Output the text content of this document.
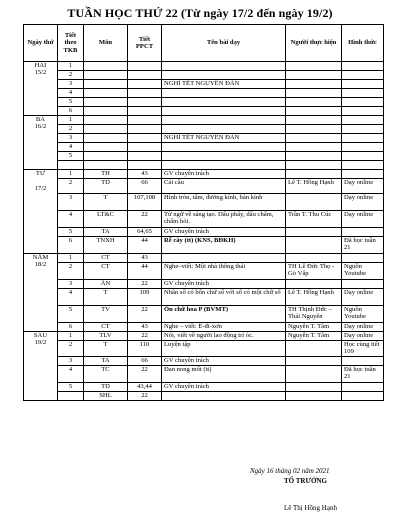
TUẦN HỌC THỨ 22 (Từ ngày 17/2 đến ngày 19/2)
Ngày thứ	Tiết theo TKB	Môn	Tiết PPCT	Tên bài dạy	Người thực hiện	Hình thức
HAI
15/2	1					
	2					
	3			NGHỈ TẾT NGUYÊN ĐÁN		
	4					
	5					
	6					
BA
16/2	1					
	2					
	3			NGHỈ TẾT NGUYÊN ĐÁN		
	4					
	5					

TƯ

17/2	1	TH	43	GV chuyên trách		
	2	TD	66	Cái cầu	Lê T. Hồng Hạnh	Dạy online
	3	T	107,108	Hình tròn, tâm, đường kính, bán kính		Dạy online
	4	LT&C	22	Từ ngữ về sáng tạo. Dấu phẩy, dấu chấm, chấm hỏi.	Trần T. Thu Cúc	Dạy online
	5	TA	64,65	GV chuyên trách		
	6	TNXH	44	Rễ cây (tt) (KNS, BĐKH)		Đã học tuần 21
NĂM
18/2	1	CT	43			
	2	CT	44	Nghe–viết: Một nhà thông thái	TH Lê Đức Thọ - Gò Vấp	Nguồn Youtube
	3	ÂN	22	GV chuyên trách		
	4	T	109	Nhân số có bốn chữ số với số có một chữ số	Lê T. Hồng Hạnh	Dạy online
	5	TV	22	Ôn chữ hoa P (BVMT)	TH Thịnh Đức – Thái Nguyên	Nguồn Youtube
	6	CT	43	Nghe – viết: Ê-đi-xơn	Nguyễn T. Tâm	Dạy online
SÁU
19/2	1	TLV	22	Nói, viết về người lao động trí óc.	Nguyễn T. Tâm	Dạy online
	2	T	110	Luyện tập		Học cùng tiết 109
	3	TA	66	GV chuyên trách		
	4	TC	22	Đan nong mốt (tt)		Đã học tuần 21
	5	TD	43,44	GV chuyên trách		
		SHL	22			
Ngày 16 tháng 02 năm 2021
TỔ TRƯỞNG
Lê Thị Hồng Hạnh
